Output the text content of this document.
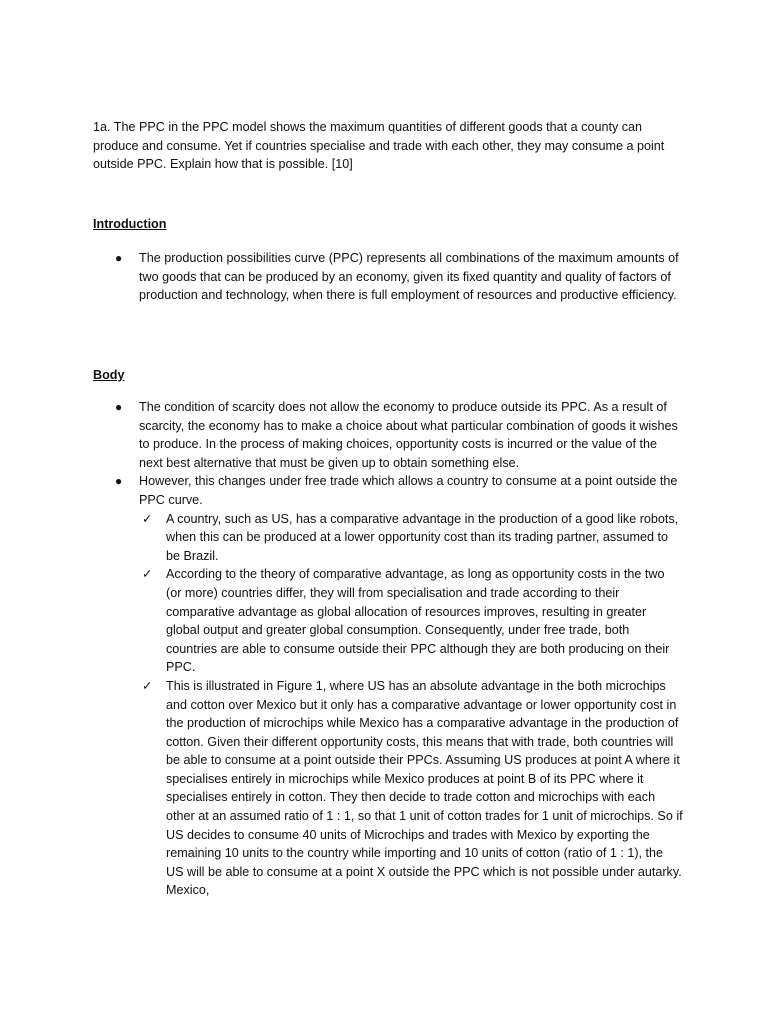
1a. The PPC in the PPC model shows the maximum quantities of different goods that a county can produce and consume. Yet if countries specialise and trade with each other, they may consume a point outside PPC. Explain how that is possible. [10]

Introduction

● The production possibilities curve (PPC) represents all combinations of the maximum amounts of two goods that can be produced by an economy, given its fixed quantity and quality of factors of production and technology, when there is full employment of resources and productive efficiency.

Body

● The condition of scarcity does not allow the economy to produce outside its PPC. As a result of scarcity, the economy has to make a choice about what particular combination of goods it wishes to produce. In the process of making choices, opportunity costs is incurred or the value of the next best alternative that must be given up to obtain something else.
● However, this changes under free trade which allows a country to consume at a point outside the PPC curve.
✓ A country, such as US, has a comparative advantage in the production of a good like robots, when this can be produced at a lower opportunity cost than its trading partner, assumed to be Brazil.
✓ According to the theory of comparative advantage, as long as opportunity costs in the two (or more) countries differ, they will from specialisation and trade according to their comparative advantage as global allocation of resources improves, resulting in greater global output and greater global consumption. Consequently, under free trade, both countries are able to consume outside their PPC although they are both producing on their PPC.
✓ This is illustrated in Figure 1, where US has an absolute advantage in the both microchips and cotton over Mexico but it only has a comparative advantage or lower opportunity cost in the production of microchips while Mexico has a comparative advantage in the production of cotton. Given their different opportunity costs, this means that with trade, both countries will be able to consume at a point outside their PPCs. Assuming US produces at point A where it specialises entirely in microchips while Mexico produces at point B of its PPC where it specialises entirely in cotton. They then decide to trade cotton and microchips with each other at an assumed ratio of 1 : 1, so that 1 unit of cotton trades for 1 unit of microchips. So if US decides to consume 40 units of Microchips and trades with Mexico by exporting the remaining 10 units to the country while importing and 10 units of cotton (ratio of 1 : 1), the US will be able to consume at a point X outside the PPC which is not possible under autarky. Mexico,
